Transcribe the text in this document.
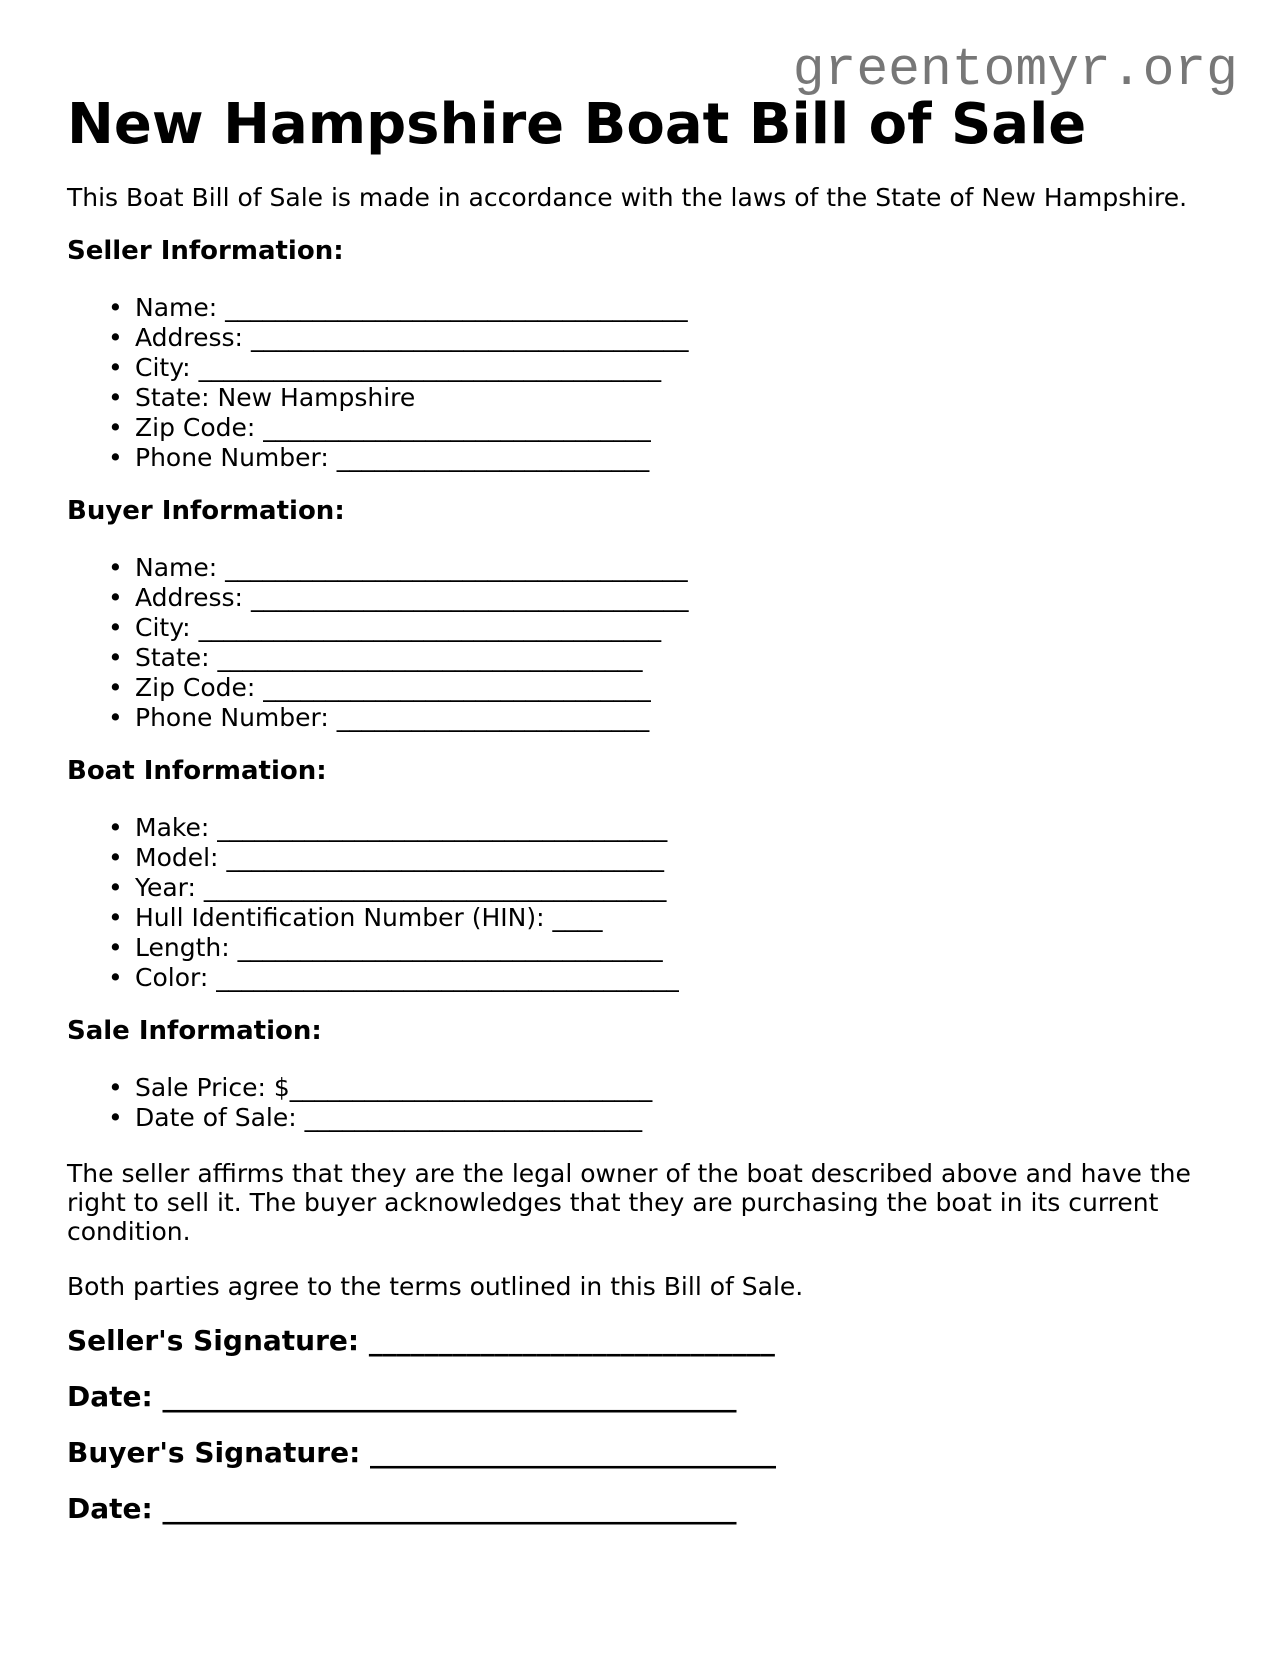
greentomyr.org
New Hampshire Boat Bill of Sale

This Boat Bill of Sale is made in accordance with the laws of the State of New Hampshire.

Seller Information:
• Name: _____________________________________
• Address: ___________________________________
• City: _____________________________________
• State: New Hampshire
• Zip Code: _______________________________
• Phone Number: _________________________
Buyer Information:
• Name: _____________________________________
• Address: ___________________________________
• City: _____________________________________
• State: __________________________________
• Zip Code: _______________________________
• Phone Number: _________________________
Boat Information:
• Make: ____________________________________
• Model: ___________________________________
• Year: _____________________________________
• Hull Identification Number (HIN): ____
• Length: __________________________________
• Color: _____________________________________
Sale Information:
• Sale Price: $_____________________________
• Date of Sale: ___________________________

The seller affirms that they are the legal owner of the boat described above and have the right to sell it. The buyer acknowledges that they are purchasing the boat in its current condition.

Both parties agree to the terms outlined in this Bill of Sale.

Seller's Signature: _____________________________
Date: _________________________________________
Buyer's Signature: _____________________________
Date: _________________________________________
